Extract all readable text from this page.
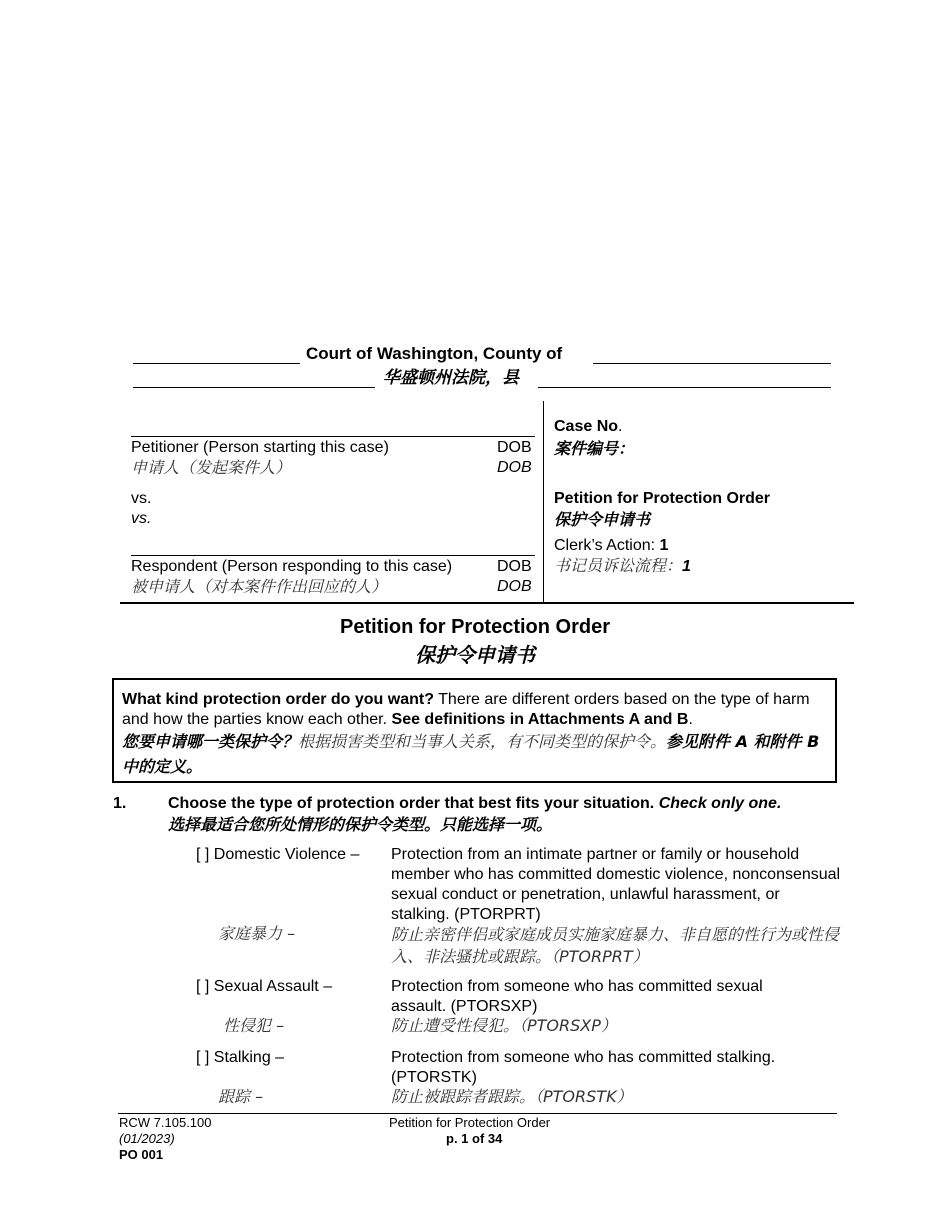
Court of Washington, County of
华盛顿州法院，县
Petitioner (Person starting this case)	DOB
申请人（发起案件人）	DOB
vs.
vs.
Respondent (Person responding to this case)	DOB
被申请人（对本案件作出回应的人）	DOB
Case No.
案件编号：
Petition for Protection Order
保护令申请书
Clerk’s Action: 1
书记员诉讼流程：1
Petition for Protection Order
保护令申请书
What kind protection order do you want? There are different orders based on the type of harm and how the parties know each other. See definitions in Attachments A and B.
您要申请哪一类保护令？根据损害类型和当事人关系，有不同类型的保护令。参见附件 A 和附件 B 中的定义。
1.	Choose the type of protection order that best fits your situation. Check only one.
选择最适合您所处情形的保护令类型。只能选择一项。
[ ] Domestic Violence – Protection from an intimate partner or family or household member who has committed domestic violence, nonconsensual sexual conduct or penetration, unlawful harassment, or stalking. (PTORPRT)
家庭暴力 –	防止亲密伴侣或家庭成员实施家庭暴力、非自愿的性行为或性侵入、非法骚扰或跟踪。（PTORPRT）
[ ] Sexual Assault –	Protection from someone who has committed sexual assault. (PTORSXP)
性侵犯 –	防止遭受性侵犯。（PTORSXP）
[ ] Stalking –	Protection from someone who has committed stalking. (PTORSTK)
跟踪 –	防止被跟踪者跟踪。（PTORSTK）
RCW 7.105.100
(01/2023)
PO 001
Petition for Protection Order
p. 1 of 34
